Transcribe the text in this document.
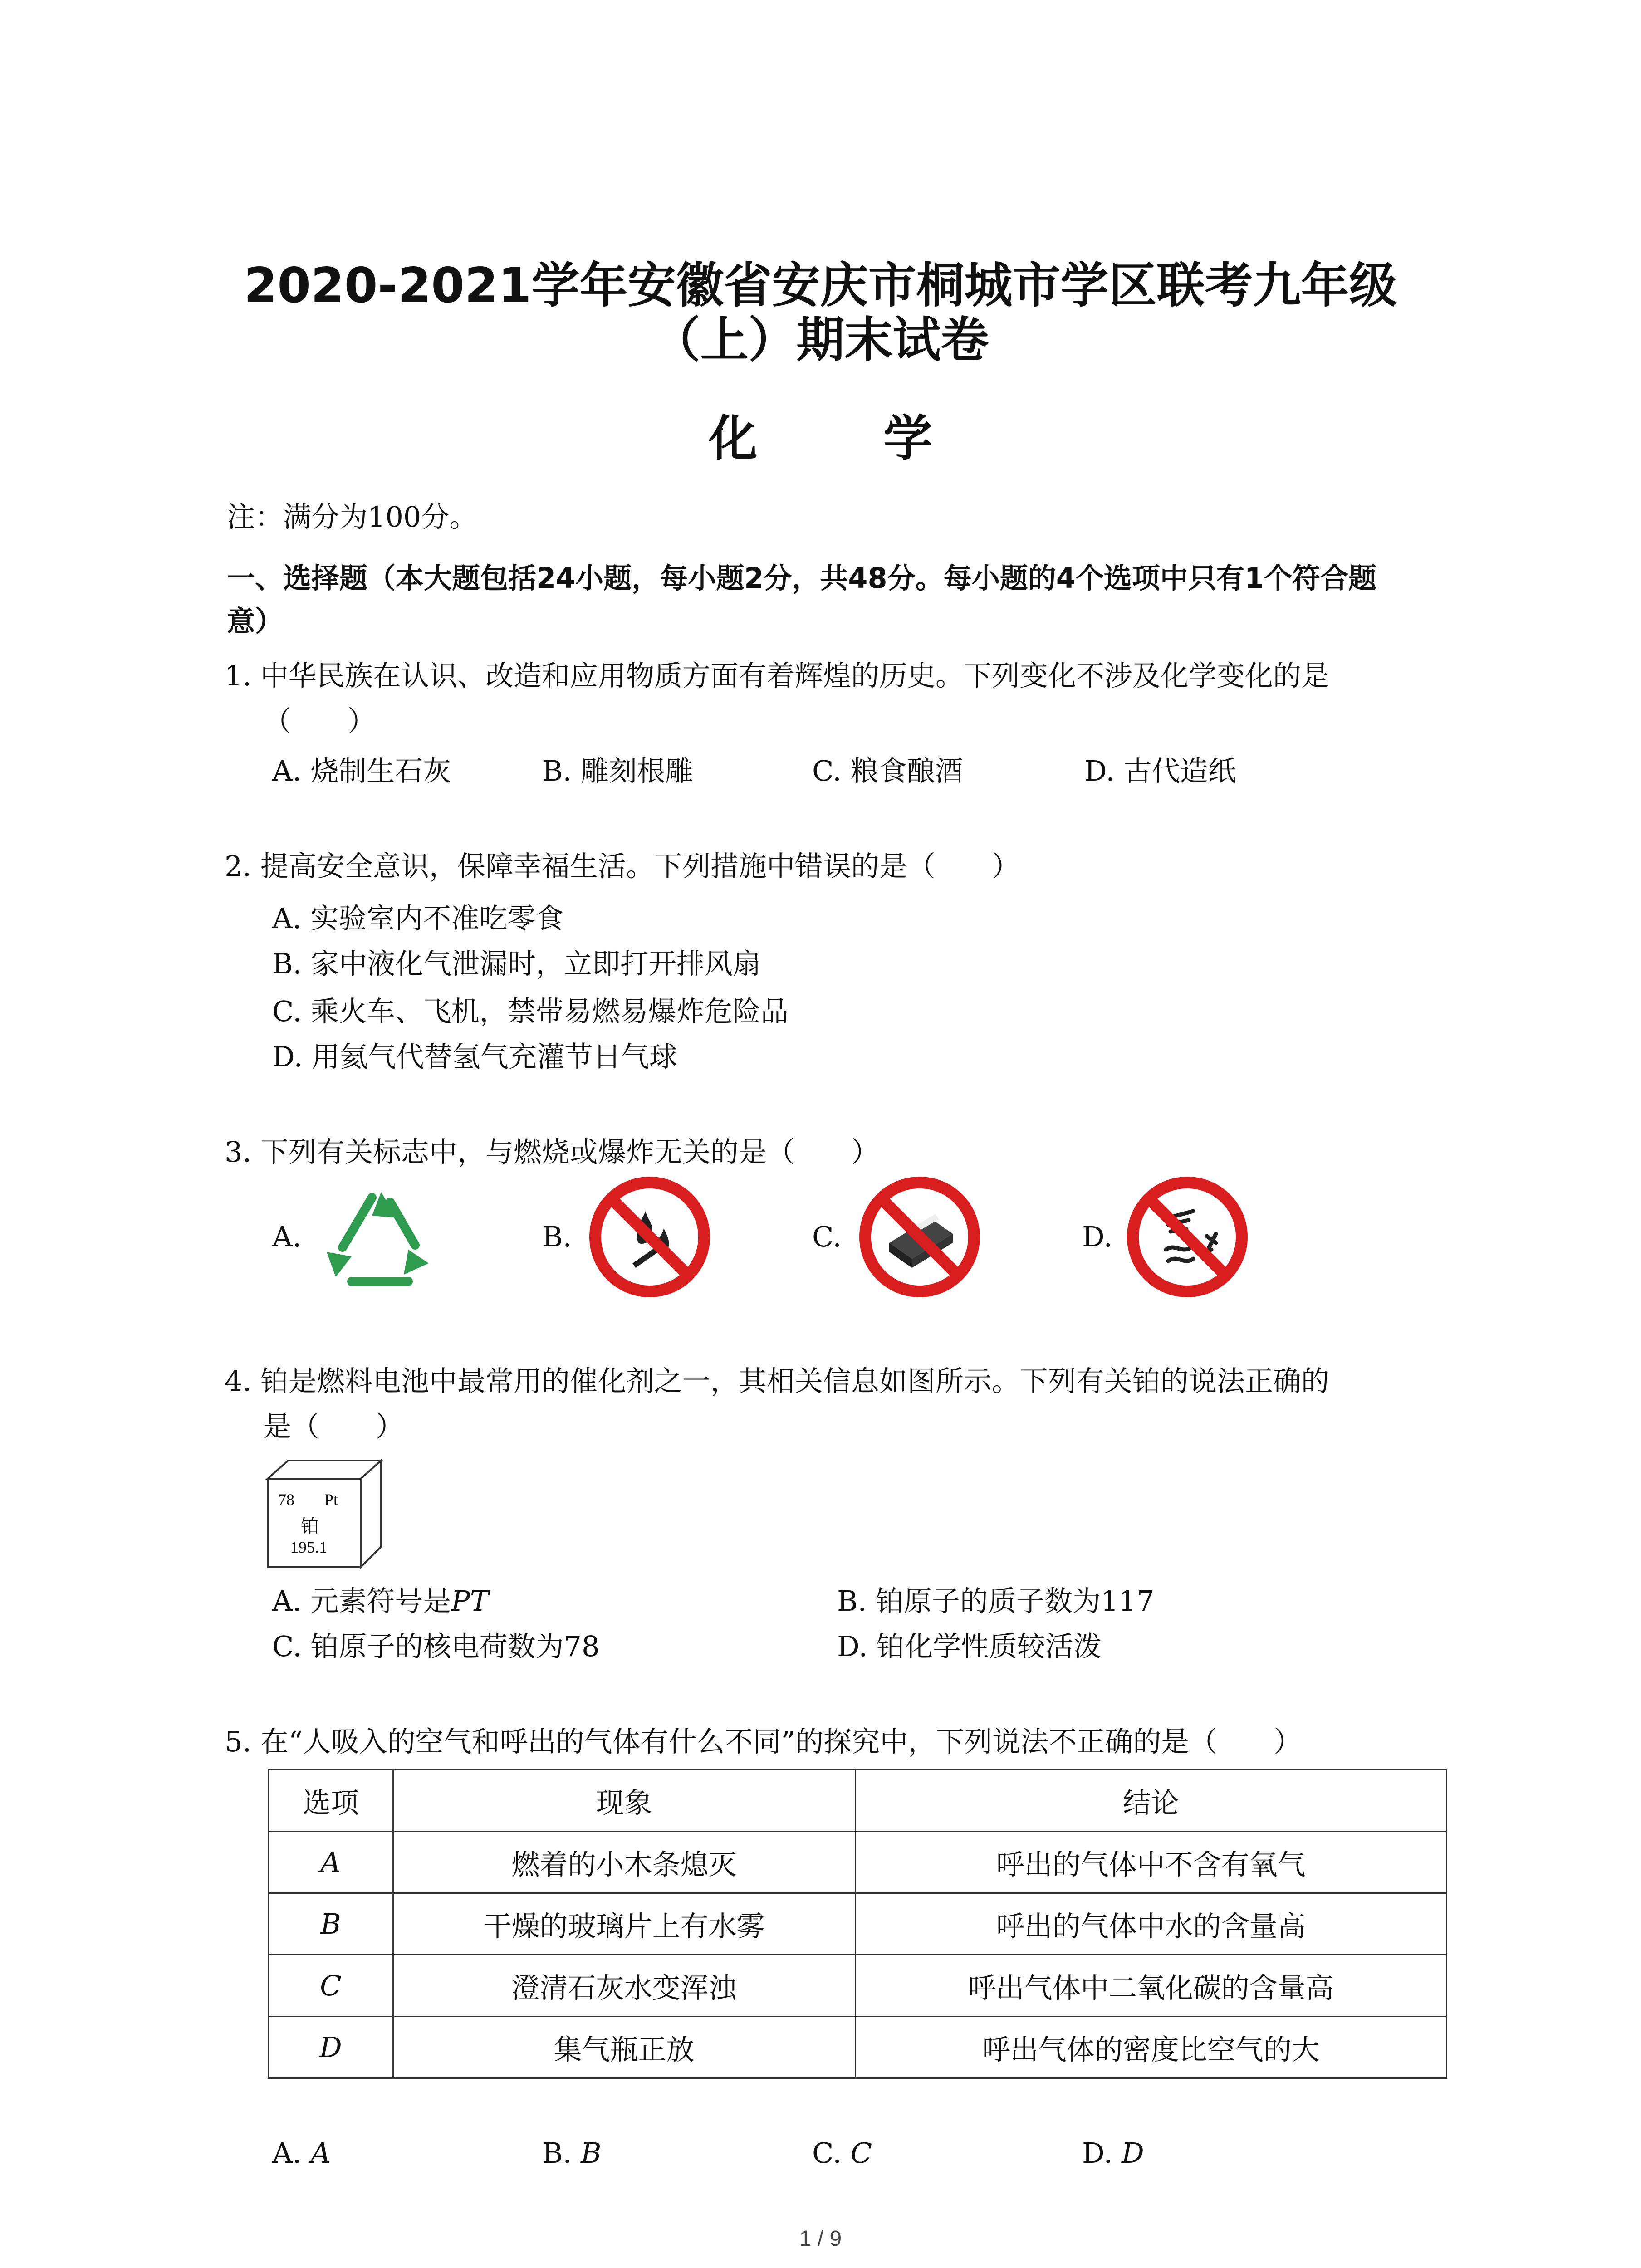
2020-2021学年安徽省安庆市桐城市学区联考九年级
（上）期末试卷
化 学
注：满分为100分。
一、选择题（本大题包括24小题，每小题2分，共48分。每小题的4个选项中只有1个符合题
意）
1. 中华民族在认识、改造和应用物质方面有着辉煌的历史。下列变化不涉及化学变化的是
（　　）
A. 烧制生石灰	B. 雕刻根雕	C. 粮食酿酒	D. 古代造纸
2. 提高安全意识，保障幸福生活。下列措施中错误的是（　　）
A. 实验室内不准吃零食
B. 家中液化气泄漏时，立即打开排风扇
C. 乘火车、飞机，禁带易燃易爆炸危险品
D. 用氦气代替氢气充灌节日气球
3. 下列有关标志中，与燃烧或爆炸无关的是（　　）
A.	B.	C.	D.
4. 铂是燃料电池中最常用的催化剂之一，其相关信息如图所示。下列有关铂的说法正确的
是（　　）
78 Pt
铂
195.1
A. 元素符号是PT	B. 铂原子的质子数为117
C. 铂原子的核电荷数为78	D. 铂化学性质较活泼
5. 在“人吸入的空气和呼出的气体有什么不同”的探究中，下列说法不正确的是（　　）
选项	现象	结论
A	燃着的小木条熄灭	呼出的气体中不含有氧气
B	干燥的玻璃片上有水雾	呼出的气体中水的含量高
C	澄清石灰水变浑浊	呼出气体中二氧化碳的含量高
D	集气瓶正放	呼出气体的密度比空气的大
A. A	B. B	C. C	D. D
1 / 9
